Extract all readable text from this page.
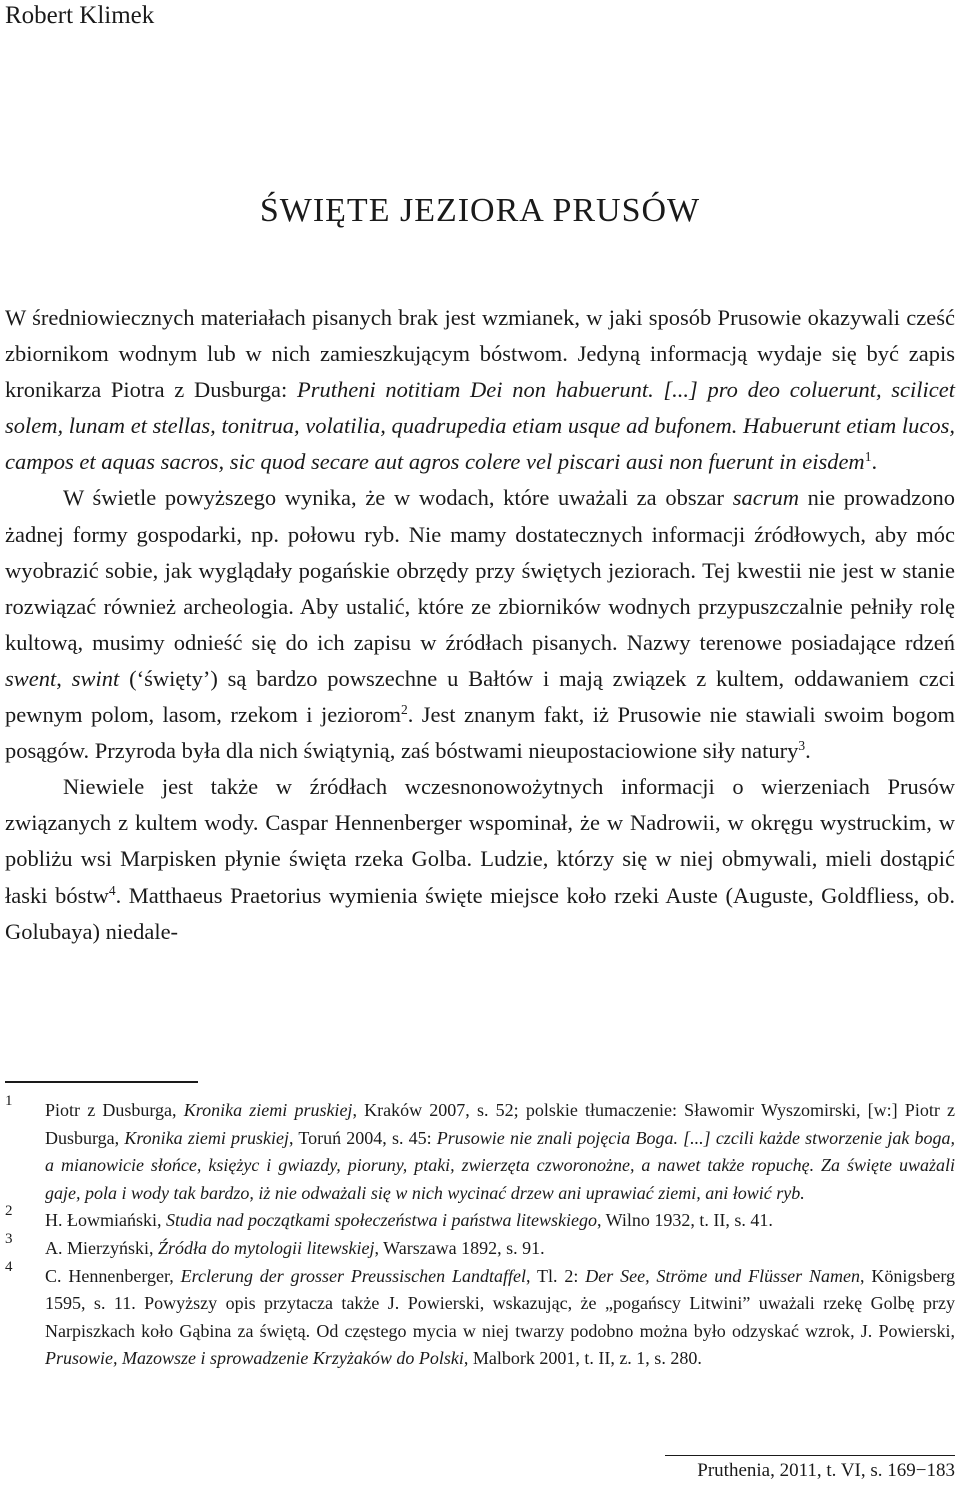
Robert Klimek
ŚWIĘTE JEZIORA PRUSÓW

W średniowiecznych materiałach pisanych brak jest wzmianek, w jaki sposób Prusowie okazywali cześć zbiornikom wodnym lub w nich zamieszkującym bóstwom. Jedyną informacją wydaje się być zapis kronikarza Piotra z Dusburga: Prutheni notitiam Dei non habuerunt. [...] pro deo coluerunt, scilicet solem, lunam et stellas, tonitrua, volatilia, quadrupedia etiam usque ad bufonem. Habuerunt etiam lucos, campos et aquas sacros, sic quod secare aut agros colere vel piscari ausi non fuerunt in eisdem$^1$.

W świetle powyższego wynika, że w wodach, które uważali za obszar sacrum nie prowadzono żadnej formy gospodarki, np. połowu ryb. Nie mamy dostatecznych informacji źródłowych, aby móc wyobrazić sobie, jak wyglądały pogańskie obrzędy przy świętych jeziorach. Tej kwestii nie jest w stanie rozwiązać również archeologia. Aby ustalić, które ze zbiorników wodnych przypuszczalnie pełniły rolę kultową, musimy odnieść się do ich zapisu w źródłach pisanych. Nazwy terenowe posiadające rdzeń swent, swint (‘święty’) są bardzo powszechne u Bałtów i mają związek z kultem, oddawaniem czci pewnym polom, lasom, rzekom i jeziorom$^2$. Jest znanym fakt, iż Prusowie nie stawiali swoim bogom posągów. Przyroda była dla nich świątynią, zaś bóstwami nieupostaciowione siły natury$^3$.

Niewiele jest także w źródłach wczesnonowożytnych informacji o wierzeniach Prusów związanych z kultem wody. Caspar Hennenberger wspominał, że w Nadrowii, w okręgu wystruckim, w pobliżu wsi Marpisken płynie święta rzeka Golba. Ludzie, którzy się w niej obmywali, mieli dostąpić łaski bóstw$^4$. Matthaeus Praetorius wymienia święte miejsce koło rzeki Auste (Auguste, Goldfliess, ob. Golubaya) niedale-

1 Piotr z Dusburga, Kronika ziemi pruskiej, Kraków 2007, s. 52; polskie tłumaczenie: Sławomir Wyszomirski, [w:] Piotr z Dusburga, Kronika ziemi pruskiej, Toruń 2004, s. 45: Prusowie nie znali pojęcia Boga. [...] czcili każde stworzenie jak boga, a mianowicie słońce, księżyc i gwiazdy, pioruny, ptaki, zwierzęta czworonożne, a nawet także ropuchę. Za święte uważali gaje, pola i wody tak bardzo, iż nie odważali się w nich wycinać drzew ani uprawiać ziemi, ani łowić ryb.
2 H. Łowmiański, Studia nad początkami społeczeństwa i państwa litewskiego, Wilno 1932, t. II, s. 41.
3 A. Mierzyński, Źródła do mytologii litewskiej, Warszawa 1892, s. 91.
4 C. Hennenberger, Erclerung der grosser Preussischen Landtaffel, Tl. 2: Der See, Ströme und Flüsser Namen, Königsberg 1595, s. 11. Powyższy opis przytacza także J. Powierski, wskazując, że „pogańscy Litwini” uważali rzekę Golbę przy Narpiszkach koło Gąbina za świętą. Od częstego mycia w niej twarzy podobno można było odzyskać wzrok, J. Powierski, Prusowie, Mazowsze i sprowadzenie Krzyżaków do Polski, Malbork 2001, t. II, z. 1, s. 280.
Pruthenia, 2011, t. VI, s. 169−183
